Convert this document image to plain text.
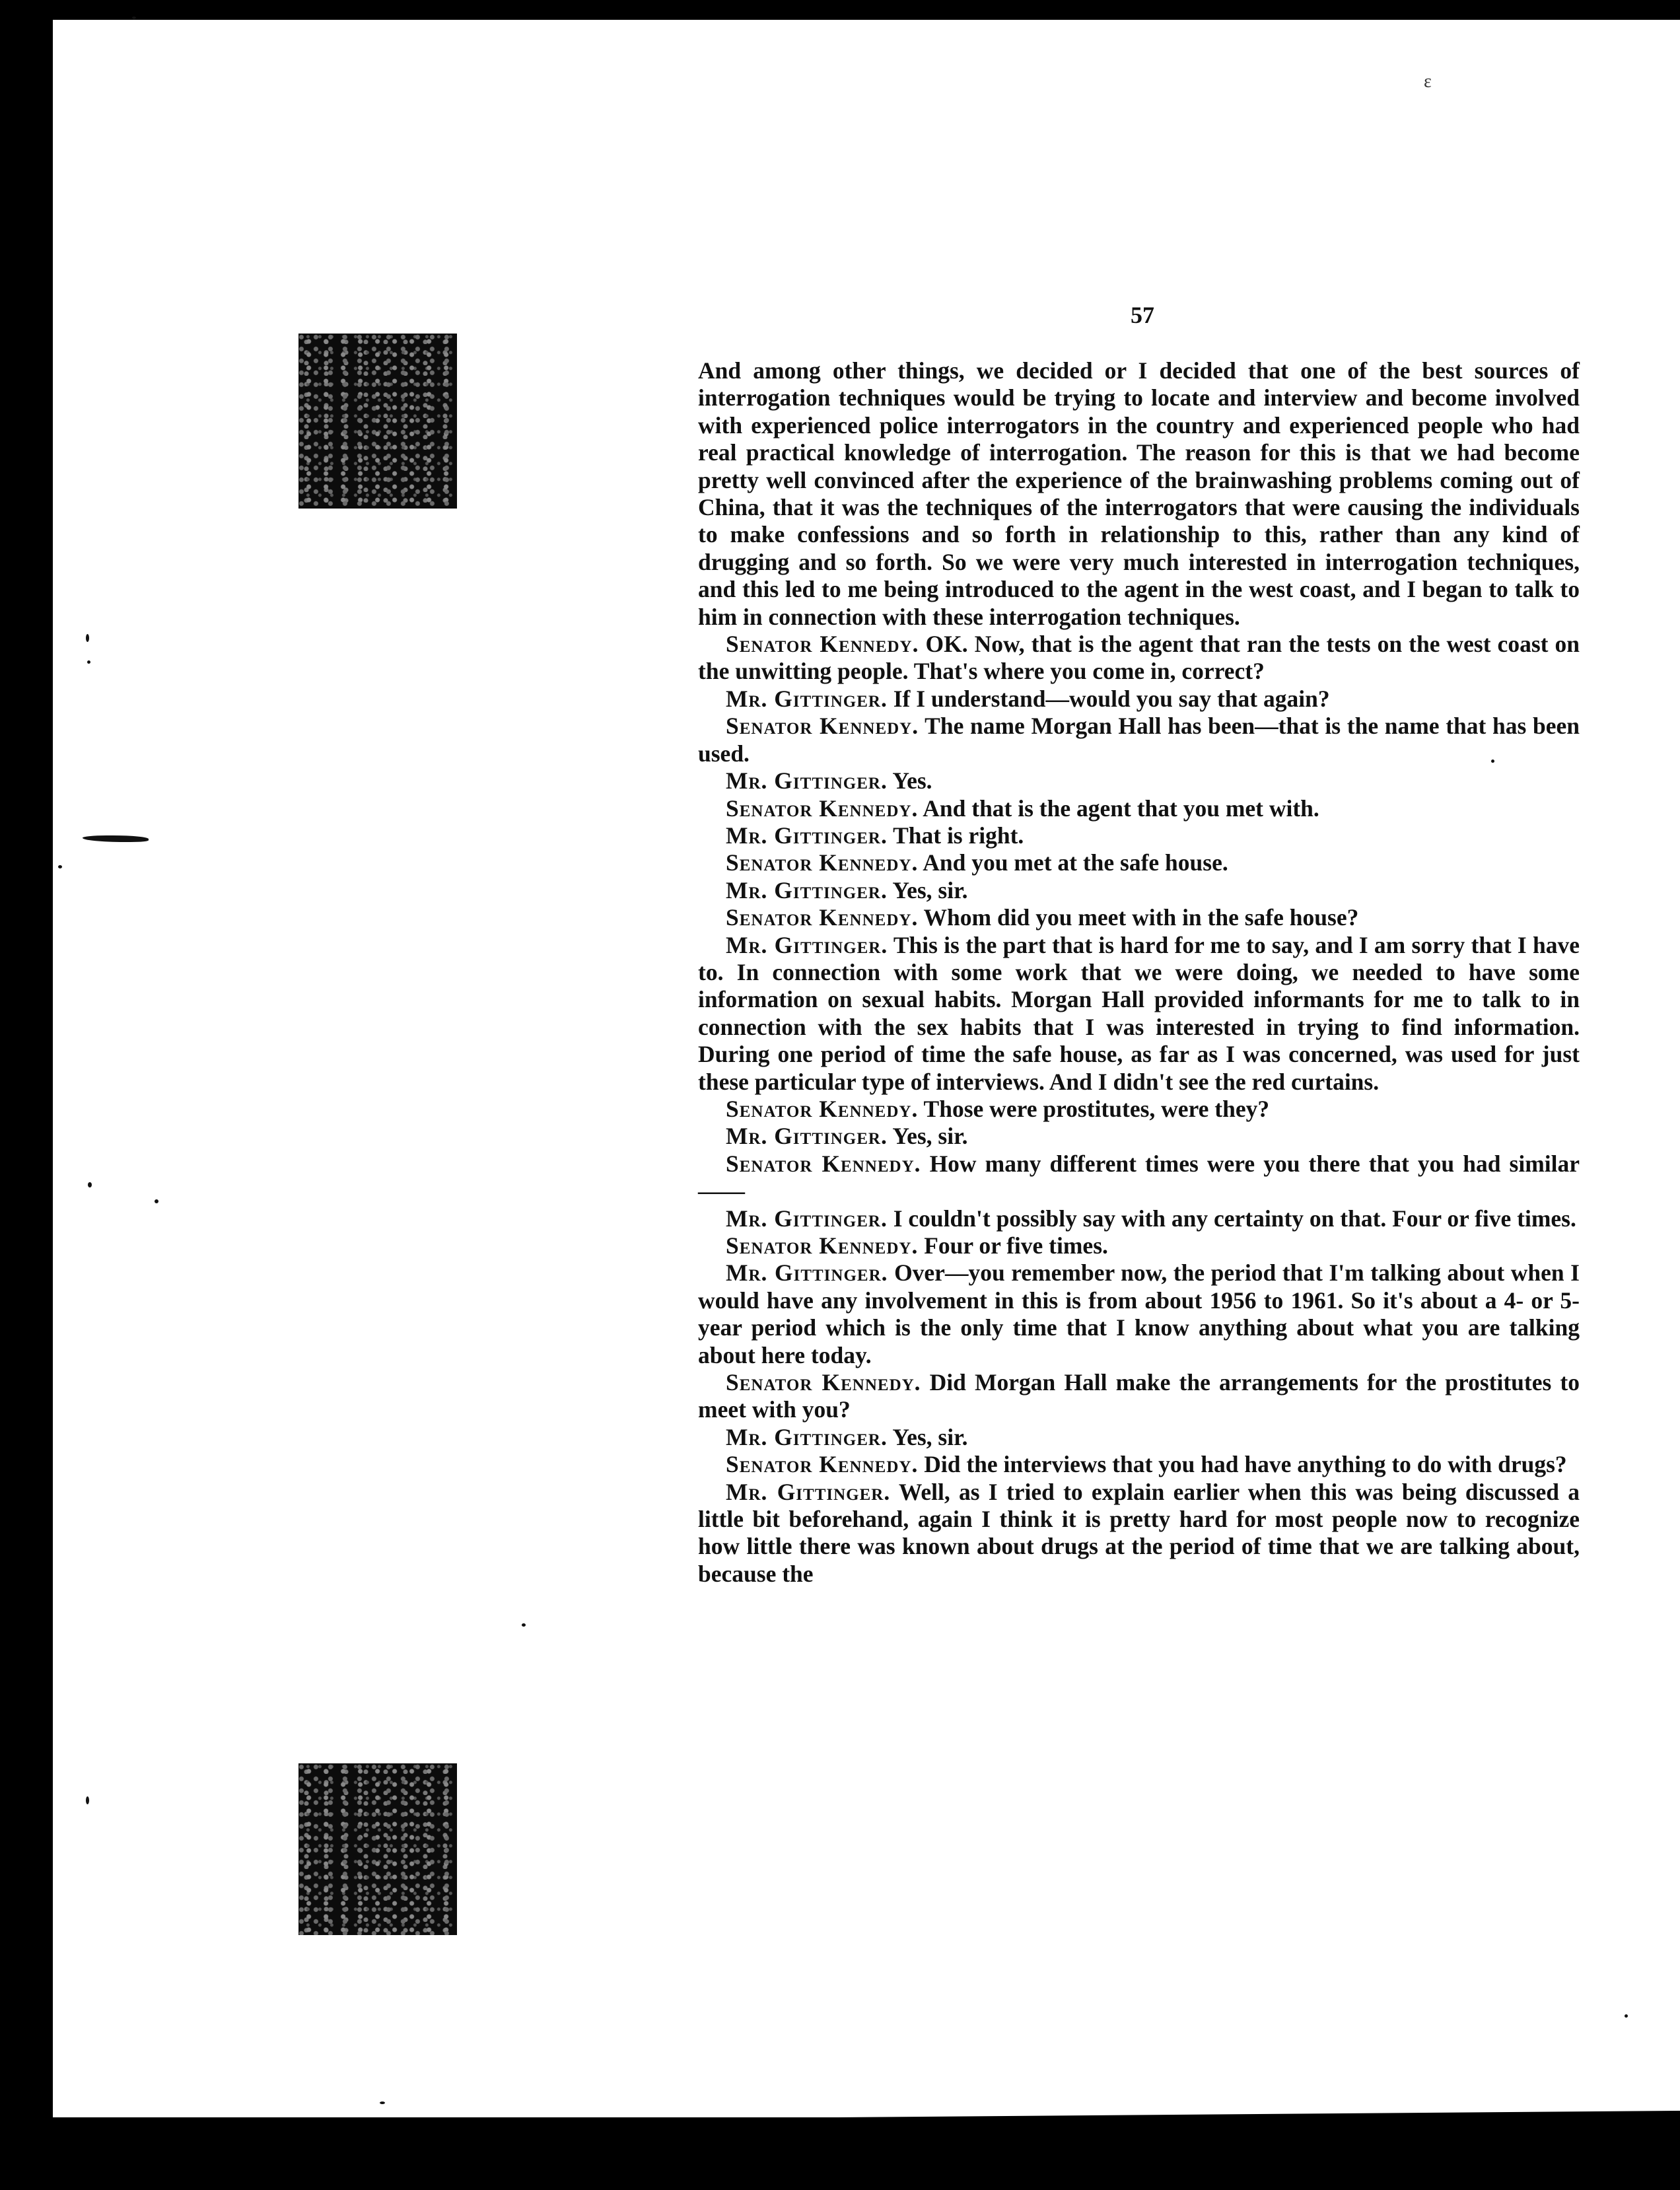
ɛ
57

And among other things, we decided or I decided that one of the best sources of interrogation techniques would be trying to locate and interview and become involved with experienced police interrogators in the country and experienced people who had real practical knowledge of interrogation. The reason for this is that we had become pretty well convinced after the experience of the brainwashing problems coming out of China, that it was the techniques of the interrogators that were causing the individuals to make confessions and so forth in relationship to this, rather than any kind of drugging and so forth. So we were very much interested in interrogation techniques, and this led to me being introduced to the agent in the west coast, and I began to talk to him in connection with these interrogation techniques.

Senator Kennedy. OK. Now, that is the agent that ran the tests on the west coast on the unwitting people. That's where you come in, correct?

Mr. Gittinger. If I understand—would you say that again?

Senator Kennedy. The name Morgan Hall has been—that is the name that has been used.

Mr. Gittinger. Yes.

Senator Kennedy. And that is the agent that you met with.

Mr. Gittinger. That is right.

Senator Kennedy. And you met at the safe house.

Mr. Gittinger. Yes, sir.

Senator Kennedy. Whom did you meet with in the safe house?

Mr. Gittinger. This is the part that is hard for me to say, and I am sorry that I have to. In connection with some work that we were doing, we needed to have some information on sexual habits. Morgan Hall provided informants for me to talk to in connection with the sex habits that I was interested in trying to find information. During one period of time the safe house, as far as I was concerned, was used for just these particular type of interviews. And I didn't see the red curtains.

Senator Kennedy. Those were prostitutes, were they?

Mr. Gittinger. Yes, sir.

Senator Kennedy. How many different times were you there that you had similar——

Mr. Gittinger. I couldn't possibly say with any certainty on that. Four or five times.

Senator Kennedy. Four or five times.

Mr. Gittinger. Over—you remember now, the period that I'm talking about when I would have any involvement in this is from about 1956 to 1961. So it's about a 4- or 5-year period which is the only time that I know anything about what you are talking about here today.

Senator Kennedy. Did Morgan Hall make the arrangements for the prostitutes to meet with you?

Mr. Gittinger. Yes, sir.

Senator Kennedy. Did the interviews that you had have anything to do with drugs?

Mr. Gittinger. Well, as I tried to explain earlier when this was being discussed a little bit beforehand, again I think it is pretty hard for most people now to recognize how little there was known about drugs at the period of time that we are talking about, because the
